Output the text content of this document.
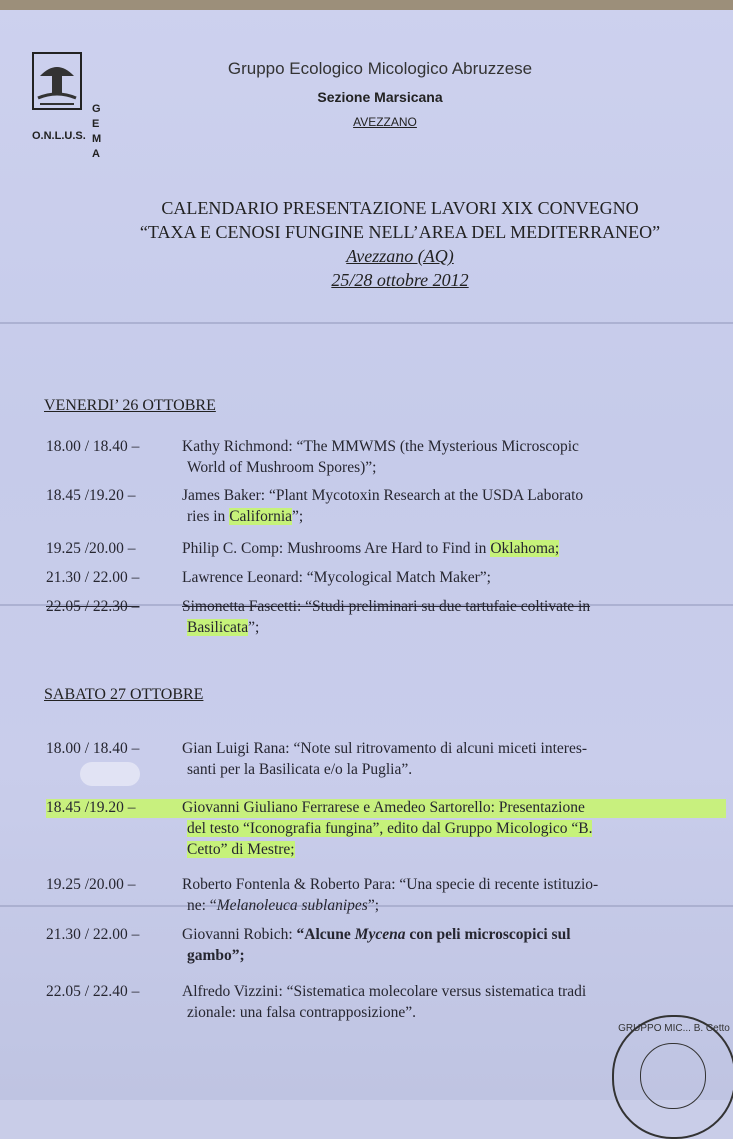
G
E
M
A
O.N.L.U.S.
Gruppo Ecologico Micologico Abruzzese
Sezione Marsicana
AVEZZANO
CALENDARIO PRESENTAZIONE LAVORI XIX CONVEGNO
“TAXA E CENOSI FUNGINE NELL’AREA DEL MEDITERRANEO”
Avezzano (AQ)
25/28 ottobre 2012
VENERDI’ 26 OTTOBRE
18.00 / 18.40 –	Kathy Richmond: “The MMWMS (the Mysterious Microscopic
World of Mushroom Spores)”;
18.45 /19.20 –	James Baker: “Plant Mycotoxin Research at the USDA Laborato
ries in California”;
19.25 /20.00 –	Philip C. Comp: Mushrooms Are Hard to Find in Oklahoma;
21.30 / 22.00 –	Lawrence Leonard: “Mycological Match Maker”;
22.05 / 22.30 –	Simonetta Fascetti: “Studi preliminari su due tartufaie coltivate in
Basilicata”;
SABATO 27 OTTOBRE
18.00 / 18.40 –	Gian Luigi Rana: “Note sul ritrovamento di alcuni miceti interes-
santi per la Basilicata e/o la Puglia”.
18.45 /19.20 –	Giovanni Giuliano Ferrarese e Amedeo Sartorello: Presentazione
del testo “Iconografia fungina”, edito dal Gruppo Micologico “B.
Cetto” di Mestre;
19.25 /20.00 –	Roberto Fontenla & Roberto Para: “Una specie di recente istituzio-
ne: “Melanoleuca sublanipes”;
21.30 / 22.00 –	Giovanni Robich: “Alcune Mycena con peli microscopici sul
gambo”;
22.05 / 22.40 –	Alfredo Vizzini: “Sistematica molecolare versus sistematica tradi
zionale: una falsa contrapposizione”.
GRUPPO MIC... B. Cetto
